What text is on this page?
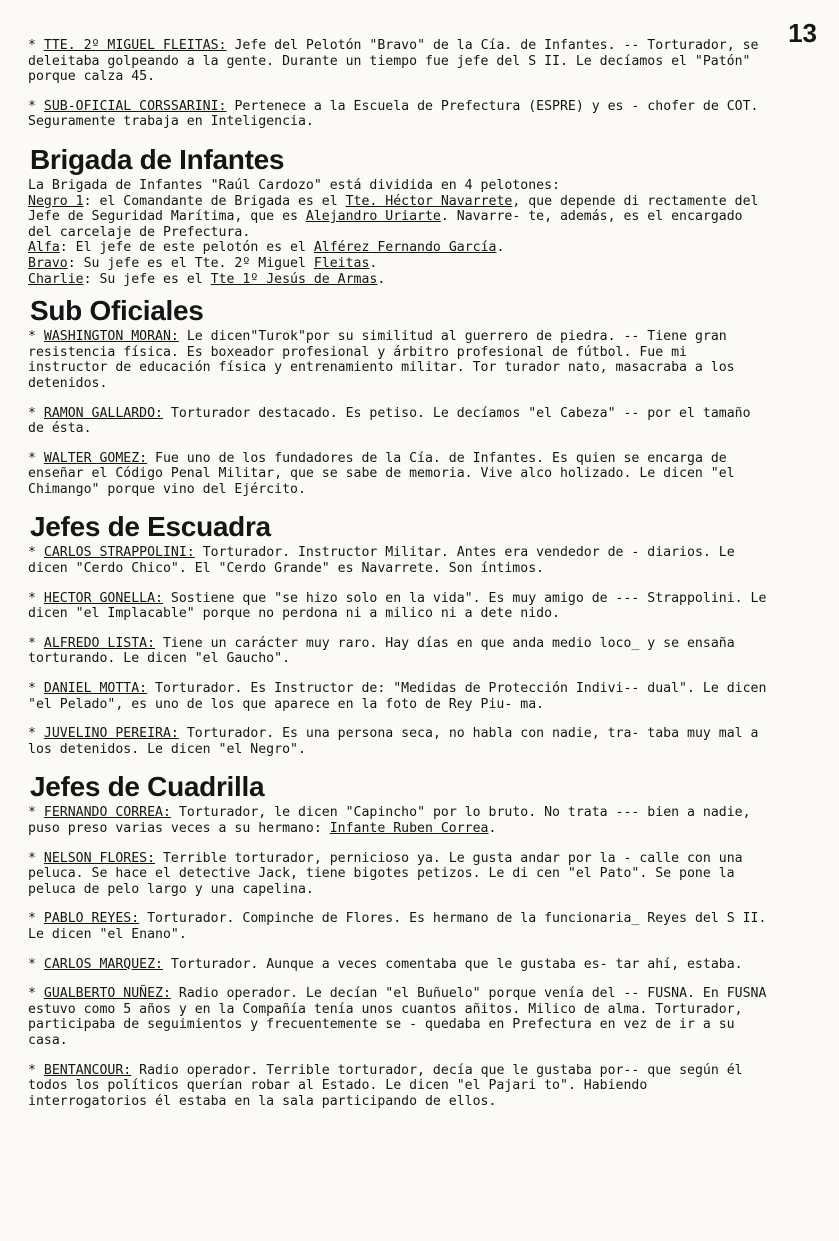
13

* TTE. 2º MIGUEL FLEITAS: Jefe del Pelotón "Bravo" de la Cía. de Infantes. -- Torturador, se deleitaba golpeando a la gente. Durante un tiempo fue jefe del S II. Le decíamos el "Patón" porque calza 45.

* SUB-OFICIAL CORSSARINI: Pertenece a la Escuela de Prefectura (ESPRE) y es - chofer de COT. Seguramente trabaja en Inteligencia.

Brigada de Infantes
La Brigada de Infantes "Raúl Cardozo" está dividida en 4 pelotones:
Negro 1: el Comandante de Brigada es el Tte. Héctor Navarrete, que depende di rectamente del Jefe de Seguridad Marítima, que es Alejandro Uriarte. Navarre- te, además, es el encargado del carcelaje de Prefectura.
Alfa: El jefe de este pelotón es el Alférez Fernando García.
Bravo: Su jefe es el Tte. 2º Miguel Fleitas.
Charlie: Su jefe es el Tte 1º Jesús de Armas.
Sub Oficiales

* WASHINGTON MORAN: Le dicen"Turok"por su similitud al guerrero de piedra. -- Tiene gran resistencia física. Es boxeador profesional y árbitro profesional de fútbol. Fue mi instructor de educación física y entrenamiento militar. Tor turador nato, masacraba a los detenidos.

* RAMON GALLARDO: Torturador destacado. Es petiso. Le decíamos "el Cabeza" -- por el tamaño de ésta.

* WALTER GOMEZ: Fue uno de los fundadores de la Cía. de Infantes. Es quien se encarga de enseñar el Código Penal Militar, que se sabe de memoria. Vive alco holizado. Le dicen "el Chimango" porque vino del Ejército.

Jefes de Escuadra

* CARLOS STRAPPOLINI: Torturador. Instructor Militar. Antes era vendedor de - diarios. Le dicen "Cerdo Chico". El "Cerdo Grande" es Navarrete. Son íntimos.

* HECTOR GONELLA: Sostiene que "se hizo solo en la vida". Es muy amigo de --- Strappolini. Le dicen "el Implacable" porque no perdona ni a milico ni a dete nido.

* ALFREDO LISTA: Tiene un carácter muy raro. Hay días en que anda medio loco_ y se ensaña torturando. Le dicen "el Gaucho".

* DANIEL MOTTA: Torturador. Es Instructor de: "Medidas de Protección Indivi-- dual". Le dicen "el Pelado", es uno de los que aparece en la foto de Rey Piu- ma.

* JUVELINO PEREIRA: Torturador. Es una persona seca, no habla con nadie, tra- taba muy mal a los detenidos. Le dicen "el Negro".

Jefes de Cuadrilla

* FERNANDO CORREA: Torturador, le dicen "Capincho" por lo bruto. No trata --- bien a nadie, puso preso varias veces a su hermano: Infante Ruben Correa.

* NELSON FLORES: Terrible torturador, pernicioso ya. Le gusta andar por la - calle con una peluca. Se hace el detective Jack, tiene bigotes petizos. Le di cen "el Pato". Se pone la peluca de pelo largo y una capelina.

* PABLO REYES: Torturador. Compinche de Flores. Es hermano de la funcionaria_ Reyes del S II. Le dicen "el Enano".

* CARLOS MARQUEZ: Torturador. Aunque a veces comentaba que le gustaba es- tar ahí, estaba.

* GUALBERTO NUÑEZ: Radio operador. Le decían "el Buñuelo" porque venía del -- FUSNA. En FUSNA estuvo como 5 años y en la Compañía tenía unos cuantos añitos. Milico de alma. Torturador, participaba de seguimientos y frecuentemente se - quedaba en Prefectura en vez de ir a su casa.

* BENTANCOUR: Radio operador. Terrible torturador, decía que le gustaba por-- que según él todos los políticos querían robar al Estado. Le dicen "el Pajari to". Habiendo interrogatorios él estaba en la sala participando de ellos.
